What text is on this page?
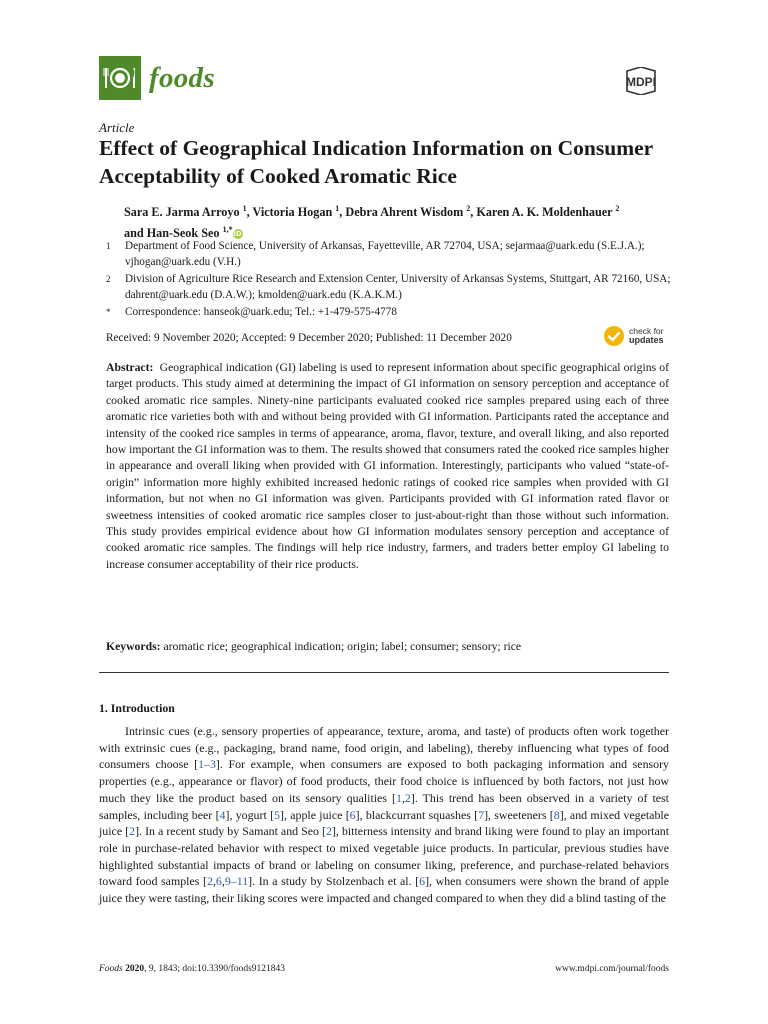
foods	MDPI
Article
Effect of Geographical Indication Information on Consumer Acceptability of Cooked Aromatic Rice
Sara E. Jarma Arroyo $^1$, Victoria Hogan $^1$, Debra Ahrent Wisdom $^2$, Karen A. K. Moldenhauer $^2$
and Han-Seok Seo $^{1,*}$iD
1	Department of Food Science, University of Arkansas, Fayetteville, AR 72704, USA; sejarmaa@uark.edu (S.E.J.A.); vjhogan@uark.edu (V.H.)
2	Division of Agriculture Rice Research and Extension Center, University of Arkansas Systems, Stuttgart, AR 72160, USA; dahrent@uark.edu (D.A.W.); kmolden@uark.edu (K.A.K.M.)
*	Correspondence: hanseok@uark.edu; Tel.: +1-479-575-4778
Received: 9 November 2020; Accepted: 9 December 2020; Published: 11 December 2020
check for
updates

Abstract: Geographical indication (GI) labeling is used to represent information about specific geographical origins of target products. This study aimed at determining the impact of GI information on sensory perception and acceptance of cooked aromatic rice samples. Ninety-nine participants evaluated cooked rice samples prepared using each of three aromatic rice varieties both with and without being provided with GI information. Participants rated the acceptance and intensity of the cooked rice samples in terms of appearance, aroma, flavor, texture, and overall liking, and also reported how important the GI information was to them. The results showed that consumers rated the cooked rice samples higher in appearance and overall liking when provided with GI information. Interestingly, participants who valued “state-of-origin” information more highly exhibited increased hedonic ratings of cooked rice samples when provided with GI information, but not when no GI information was given. Participants provided with GI information rated flavor or sweetness intensities of cooked aromatic rice samples closer to just-about-right than those without such information. This study provides empirical evidence about how GI information modulates sensory perception and acceptance of cooked aromatic rice samples. The findings will help rice industry, farmers, and traders better employ GI labeling to increase consumer acceptability of their rice products.

Keywords: aromatic rice; geographical indication; origin; label; consumer; sensory; rice
1. Introduction

Intrinsic cues (e.g., sensory properties of appearance, texture, aroma, and taste) of products often work together with extrinsic cues (e.g., packaging, brand name, food origin, and labeling), thereby influencing what types of food consumers choose [1–3]. For example, when consumers are exposed to both packaging information and sensory properties (e.g., appearance or flavor) of food products, their food choice is influenced by both factors, not just how much they like the product based on its sensory qualities [1,2]. This trend has been observed in a variety of test samples, including beer [4], yogurt [5], apple juice [6], blackcurrant squashes [7], sweeteners [8], and mixed vegetable juice [2]. In a recent study by Samant and Seo [2], bitterness intensity and brand liking were found to play an important role in purchase-related behavior with respect to mixed vegetable juice products. In particular, previous studies have highlighted substantial impacts of brand or labeling on consumer liking, preference, and purchase-related behaviors toward food samples [2,6,9–11]. In a study by Stolzenbach et al. [6], when consumers were shown the brand of apple juice they were tasting, their liking scores were impacted and changed compared to when they did a blind tasting of the

Foods 2020, 9, 1843; doi:10.3390/foods9121843	www.mdpi.com/journal/foods
